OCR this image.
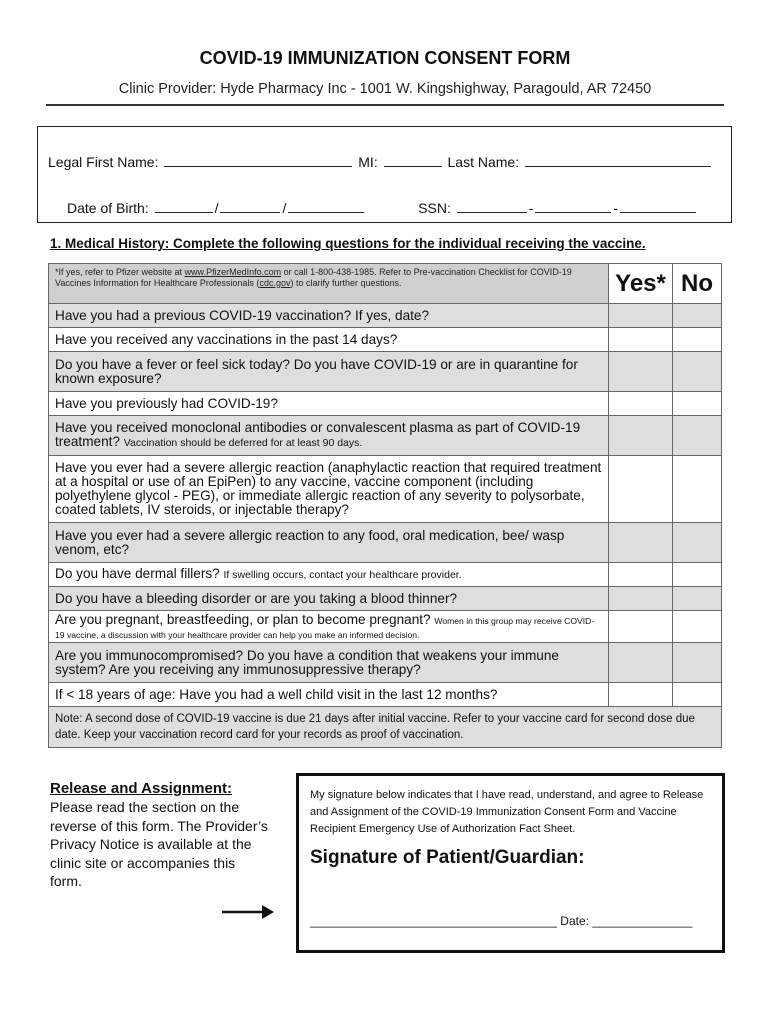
COVID-19 IMMUNIZATION CONSENT FORM
Clinic Provider: Hyde Pharmacy Inc - 1001 W. Kingshighway, Paragould, AR 72450
Legal First Name:	MI:	Last Name:
Date of Birth:	/	/	SSN:	-	-
1. Medical History: Complete the following questions for the individual receiving the vaccine.
*If yes, refer to Pfizer website at www.PfizerMedInfo.com or call 1-800-438-1985. Refer to Pre-vaccination Checklist for COVID-19 Vaccines Information for Healthcare Professionals (cdc.gov) to clarify further questions.	Yes*	No
Have you had a previous COVID-19 vaccination? If yes, date?		
Have you received any vaccinations in the past 14 days?		
Do you have a fever or feel sick today? Do you have COVID-19 or are in quarantine for known exposure?		
Have you previously had COVID-19?		
Have you received monoclonal antibodies or convalescent plasma as part of COVID-19 treatment? Vaccination should be deferred for at least 90 days.		
Have you ever had a severe allergic reaction (anaphylactic reaction that required treatment at a hospital or use of an EpiPen) to any vaccine, vaccine component (including polyethylene glycol - PEG), or immediate allergic reaction of any severity to polysorbate, coated tablets, IV steroids, or injectable therapy?		
Have you ever had a severe allergic reaction to any food, oral medication, bee/ wasp venom, etc?		
Do you have dermal fillers? If swelling occurs, contact your healthcare provider.		
Do you have a bleeding disorder or are you taking a blood thinner?		
Are you pregnant, breastfeeding, or plan to become pregnant? Women in this group may receive COVID-19 vaccine, a discussion with your healthcare provider can help you make an informed decision.		
Are you immunocompromised? Do you have a condition that weakens your immune system? Are you receiving any immunosuppressive therapy?		
If < 18 years of age: Have you had a well child visit in the last 12 months?		
Note: A second dose of COVID-19 vaccine is due 21 days after initial vaccine. Refer to your vaccine card for second dose due date. Keep your vaccination record card for your records as proof of vaccination.		
Release and Assignment:
Please read the section on the reverse of this form. The Provider’s Privacy Notice is available at the clinic site or accompanies this form.
My signature below indicates that I have read, understand, and agree to Release and Assignment of the COVID-19 Immunization Consent Form and Vaccine Recipient Emergency Use of Authorization Fact Sheet.
Signature of Patient/Guardian:
_____________________________________ Date: _______________
